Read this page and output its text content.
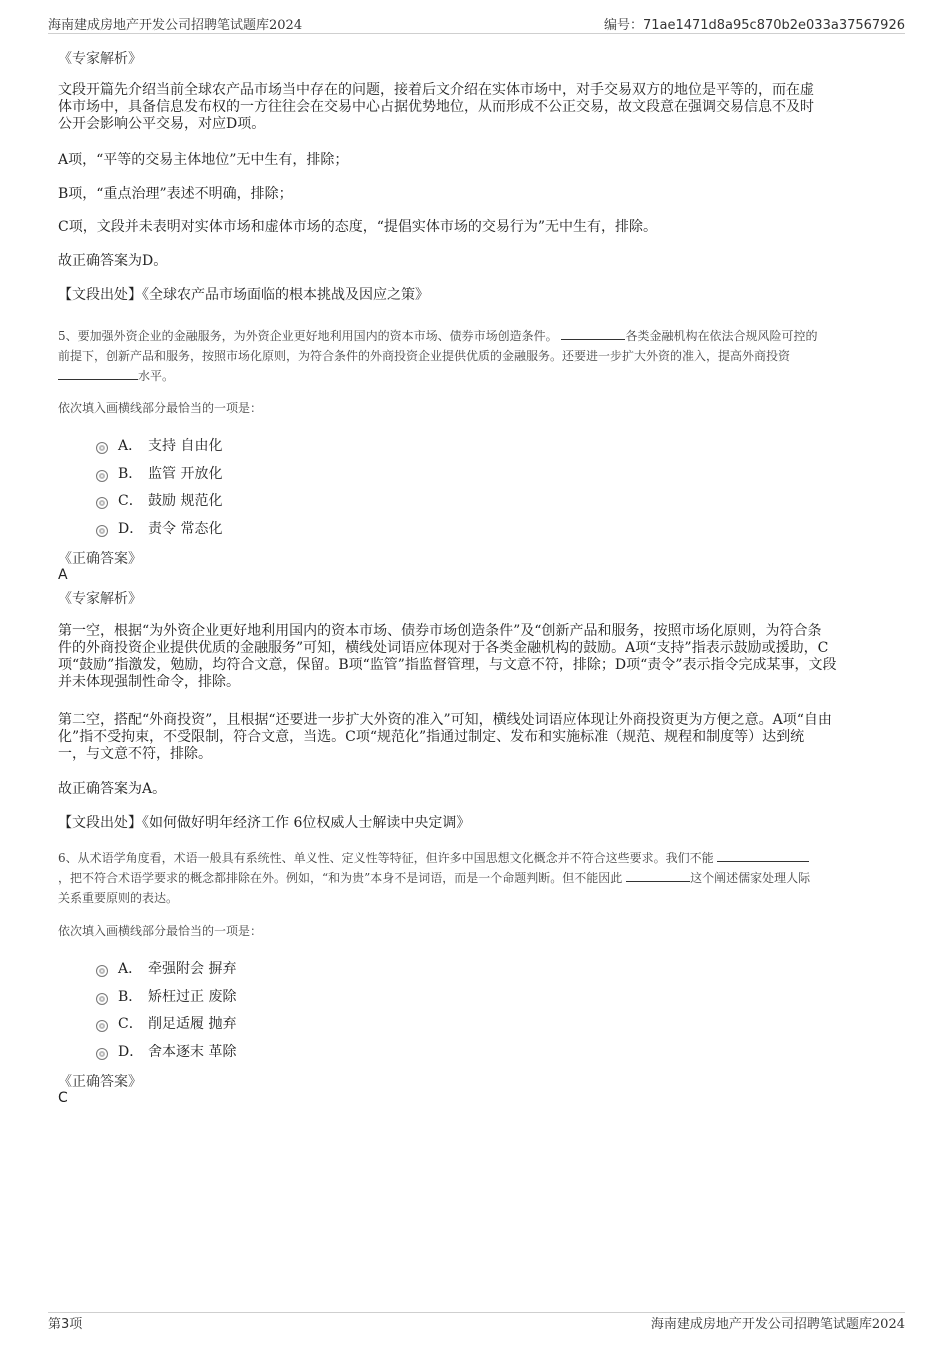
海南建成房地产开发公司招聘笔试题库2024	编号：71ae1471d8a95c870b2e033a37567926
《专家解析》
文段开篇先介绍当前全球农产品市场当中存在的问题，接着后文介绍在实体市场中，对手交易双方的地位是平等的，而在虚
体市场中，具备信息发布权的一方往往会在交易中心占据优势地位，从而形成不公正交易，故文段意在强调交易信息不及时
公开会影响公平交易，对应D项。
A项，“平等的交易主体地位”无中生有，排除；
B项，“重点治理”表述不明确，排除；
C项，文段并未表明对实体市场和虚体市场的态度，“提倡实体市场的交易行为”无中生有，排除。
故正确答案为D。
【文段出处】《全球农产品市场面临的根本挑战及因应之策》
5、要加强外资企业的金融服务，为外资企业更好地利用国内的资本市场、债券市场创造条件。	各类金融机构在依法合规风险可控的
前提下，创新产品和服务，按照市场化原则，为符合条件的外商投资企业提供优质的金融服务。还要进一步扩大外资的准入，提高外商投资
水平。
依次填入画横线部分最恰当的一项是：
A． 支持 自由化
B． 监管 开放化
C． 鼓励 规范化
D． 责令 常态化
《正确答案》
A
《专家解析》
第一空，根据“为外资企业更好地利用国内的资本市场、债券市场创造条件”及“创新产品和服务，按照市场化原则，为符合条
件的外商投资企业提供优质的金融服务”可知，横线处词语应体现对于各类金融机构的鼓励。A项“支持”指表示鼓励或援助，C
项“鼓励”指激发，勉励，均符合文意，保留。B项“监管”指监督管理，与文意不符，排除；D项“责令”表示指令完成某事，文段
并未体现强制性命令，排除。
第二空，搭配“外商投资”，且根据“还要进一步扩大外资的准入”可知，横线处词语应体现让外商投资更为方便之意。A项“自由
化”指不受拘束，不受限制，符合文意，当选。C项“规范化”指通过制定、发布和实施标准（规范、规程和制度等）达到统
一，与文意不符，排除。
故正确答案为A。
【文段出处】《如何做好明年经济工作 6位权威人士解读中央定调》
6、从术语学角度看，术语一般具有系统性、单义性、定义性等特征，但许多中国思想文化概念并不符合这些要求。我们不能
，把不符合术语学要求的概念都排除在外。例如，“和为贵”本身不是词语，而是一个命题判断。但不能因此	这个阐述儒家处理人际
关系重要原则的表达。
依次填入画横线部分最恰当的一项是：
A． 牵强附会 摒弃
B． 矫枉过正 废除
C． 削足适履 抛弃
D． 舍本逐末 革除
《正确答案》
C
第3项	海南建成房地产开发公司招聘笔试题库2024
